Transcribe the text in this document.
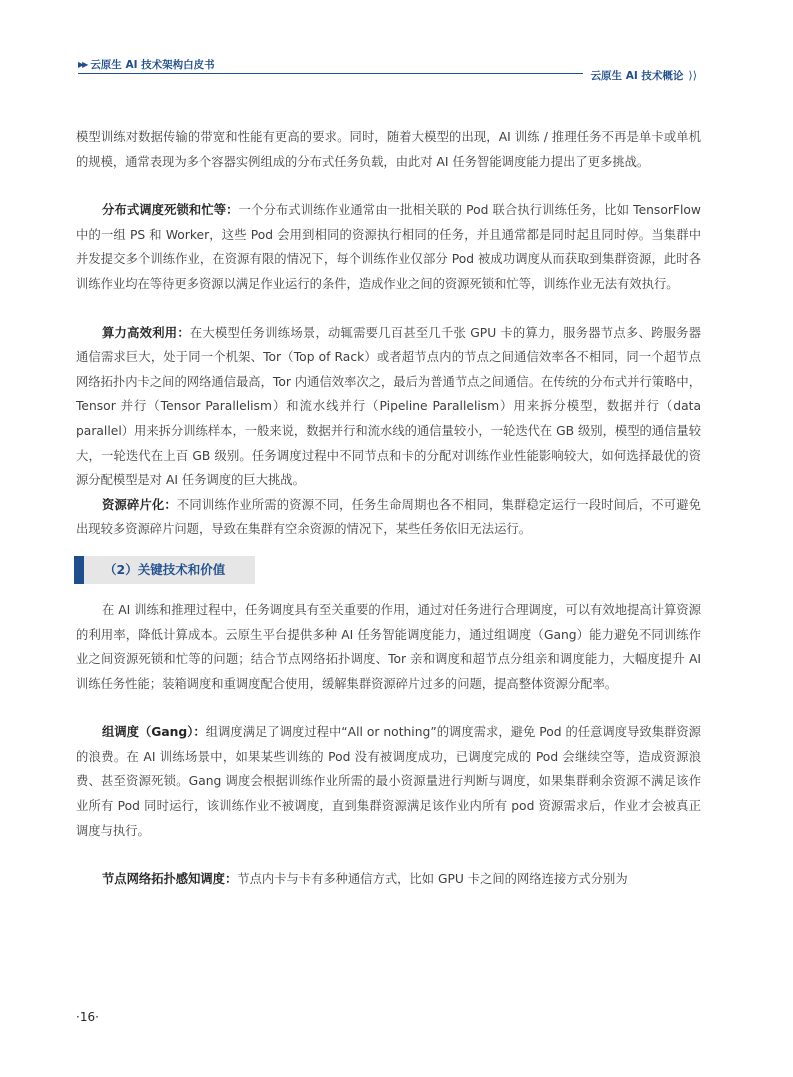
▶▶ 云原生 AI 技术架构白皮书
云原生 AI 技术概论 ⟩⟩

模型训练对数据传输的带宽和性能有更高的要求。同时，随着大模型的出现，AI 训练 / 推理任务不再是单卡或单机的规模，通常表现为多个容器实例组成的分布式任务负载，由此对 AI 任务智能调度能力提出了更多挑战。

分布式调度死锁和忙等：一个分布式训练作业通常由一批相关联的 Pod 联合执行训练任务，比如 TensorFlow 中的一组 PS 和 Worker，这些 Pod 会用到相同的资源执行相同的任务，并且通常都是同时起且同时停。当集群中并发提交多个训练作业，在资源有限的情况下，每个训练作业仅部分 Pod 被成功调度从而获取到集群资源，此时各训练作业均在等待更多资源以满足作业运行的条件，造成作业之间的资源死锁和忙等，训练作业无法有效执行。

算力高效利用：在大模型任务训练场景，动辄需要几百甚至几千张 GPU 卡的算力，服务器节点多、跨服务器通信需求巨大，处于同一个机架、Tor（Top of Rack）或者超节点内的节点之间通信效率各不相同，同一个超节点网络拓扑内卡之间的网络通信最高，Tor 内通信效率次之，最后为普通节点之间通信。在传统的分布式并行策略中，Tensor 并行（Tensor Parallelism）和流水线并行（Pipeline Parallelism）用来拆分模型，数据并行（data parallel）用来拆分训练样本，一般来说，数据并行和流水线的通信量较小，一轮迭代在 GB 级别，模型的通信量较大，一轮迭代在上百 GB 级别。任务调度过程中不同节点和卡的分配对训练作业性能影响较大，如何选择最优的资源分配模型是对 AI 任务调度的巨大挑战。

资源碎片化：不同训练作业所需的资源不同，任务生命周期也各不相同，集群稳定运行一段时间后，不可避免出现较多资源碎片问题，导致在集群有空余资源的情况下，某些任务依旧无法运行。

（2）关键技术和价值

在 AI 训练和推理过程中，任务调度具有至关重要的作用，通过对任务进行合理调度，可以有效地提高计算资源的利用率，降低计算成本。云原生平台提供多种 AI 任务智能调度能力，通过组调度（Gang）能力避免不同训练作业之间资源死锁和忙等的问题；结合节点网络拓扑调度、Tor 亲和调度和超节点分组亲和调度能力，大幅度提升 AI 训练任务性能；装箱调度和重调度配合使用，缓解集群资源碎片过多的问题，提高整体资源分配率。

组调度（Gang）：组调度满足了调度过程中“All or nothing”的调度需求，避免 Pod 的任意调度导致集群资源的浪费。在 AI 训练场景中，如果某些训练的 Pod 没有被调度成功，已调度完成的 Pod 会继续空等，造成资源浪费、甚至资源死锁。Gang 调度会根据训练作业所需的最小资源量进行判断与调度，如果集群剩余资源不满足该作业所有 Pod 同时运行，该训练作业不被调度，直到集群资源满足该作业内所有 pod 资源需求后，作业才会被真正调度与执行。

节点网络拓扑感知调度：节点内卡与卡有多种通信方式，比如 GPU 卡之间的网络连接方式分别为

·16·
